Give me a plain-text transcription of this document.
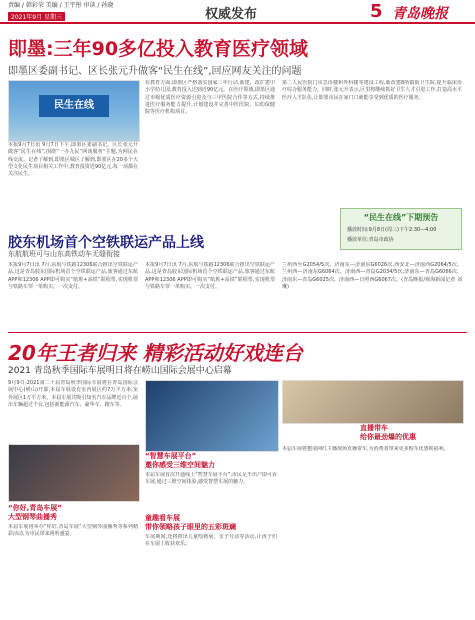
责编 / 韩彩荣 美编 / 王宇彤 审读 / 孙晓
2021年9月 星期三	权威发布	5 青岛晚报
即墨:三年90多亿投入教育医疗领域
即墨区委副书记、区长张元升做客“民生在线”,回应网友关注的问题
民生在线
本报9月7日讯 9月7日下午,即墨区委副书记、区长张元升做客“民生在线”,围绕“一办九民”网谈服务“主题,为网民在线交流。记者了解到,即墨区城区了解到,即墨区在20多个大型文化民生项目相关工作中,教育投资近90亿元,每一项都在关注民生。
在教育方面,即墨区严格落实国家三年行动,新建、改扩建中小学幼儿园,教育投入达到近90亿元。在医疗领域,即墨区通过市级优质医疗资源引进及与三甲医院合作等方式,持续推进医疗服务能力提升,计划建设并完善中医医院、妇幼保健院等医疗机构项目。
第二人民医院门诊急诊楼和外科楼等建设工程,新改建8所镇街卫生院,提升临床诊疗综合服务能力。同时,张元升表示,区里将继续抓好卫生人才引进工作,打造高水平医疗人才队伍,让即墨市民在家门口就能享受到优质的医疗服务。
“民生在线”下期预告
播放时间:9月8日(周三)下午2:30—4:00
播放单位:青岛市政协
胶东机场首个空铁联运产品上线
东航航班可与山东高铁动车无缝衔接
本报9月7日讯 7月,东航与铁路12306联合推出空铁联运产品,这是青岛胶东国际机场首个空铁联运产品,旅客通过东航APP和12306 APP即可购买“航班+高铁”联程票,实现机票与铁路车票一单购买、一次支付。
本报9月7日讯 7月,东航与铁路12306联合推出空铁联运产品,这是青岛胶东国际机场首个空铁联运产品,旅客通过东航APP和12306 APP即可购买“航班+高铁”联程票,实现机票与铁路车票一单购买、一次支付。
兰州西至G2054/5次、济南东—济南东G6026次,西安北—济南西G2064/5次、兰州西—济南东G6064次、济南西—青岛G2034/5次,济南东—青岛G6066次、济南东—青岛G6025次、济南西—日照西G6067次。(青岛晚报/观海新闻记者 刘琳)
20年王者归来 精彩活动好戏连台
2021 青岛秋季国际车展明日将在崂山国际会展中心启幕
9月9日,2021第二十届青岛秋季国际车展将在青岛国际会展中心(崂山)开幕,本届车展设有室内展区约7万平方米,室外展区1万平方米。本届车展共吸引知名汽车品牌近百个,展出车辆超过千台,包括新能源汽车、豪华车、跑车等。
“你好,青岛车展”
大型钢琴曲播秀
本届车展将举办“你好,青岛车展”大型钢琴曲播秀等系列精彩活动,为市民带来视听盛宴。
“智慧车展平台”
邀你感受三维空间魅力
本届车展首次开通线上“智慧车展平台”,市民足不出户即可看车展,通过三维空间体验,感受智慧车展的魅力。
童趣看车展
带你领略孩子眼里的五彩斑斓
车展期间,还将推出儿童绘画展、亲子互动等活动,让孩子们在车展上收获欢乐。
直播带车
给你最劲爆的优惠
本届车展将邀请网红主播现场直播带车,为消费者带来更多购车优惠和福利。
